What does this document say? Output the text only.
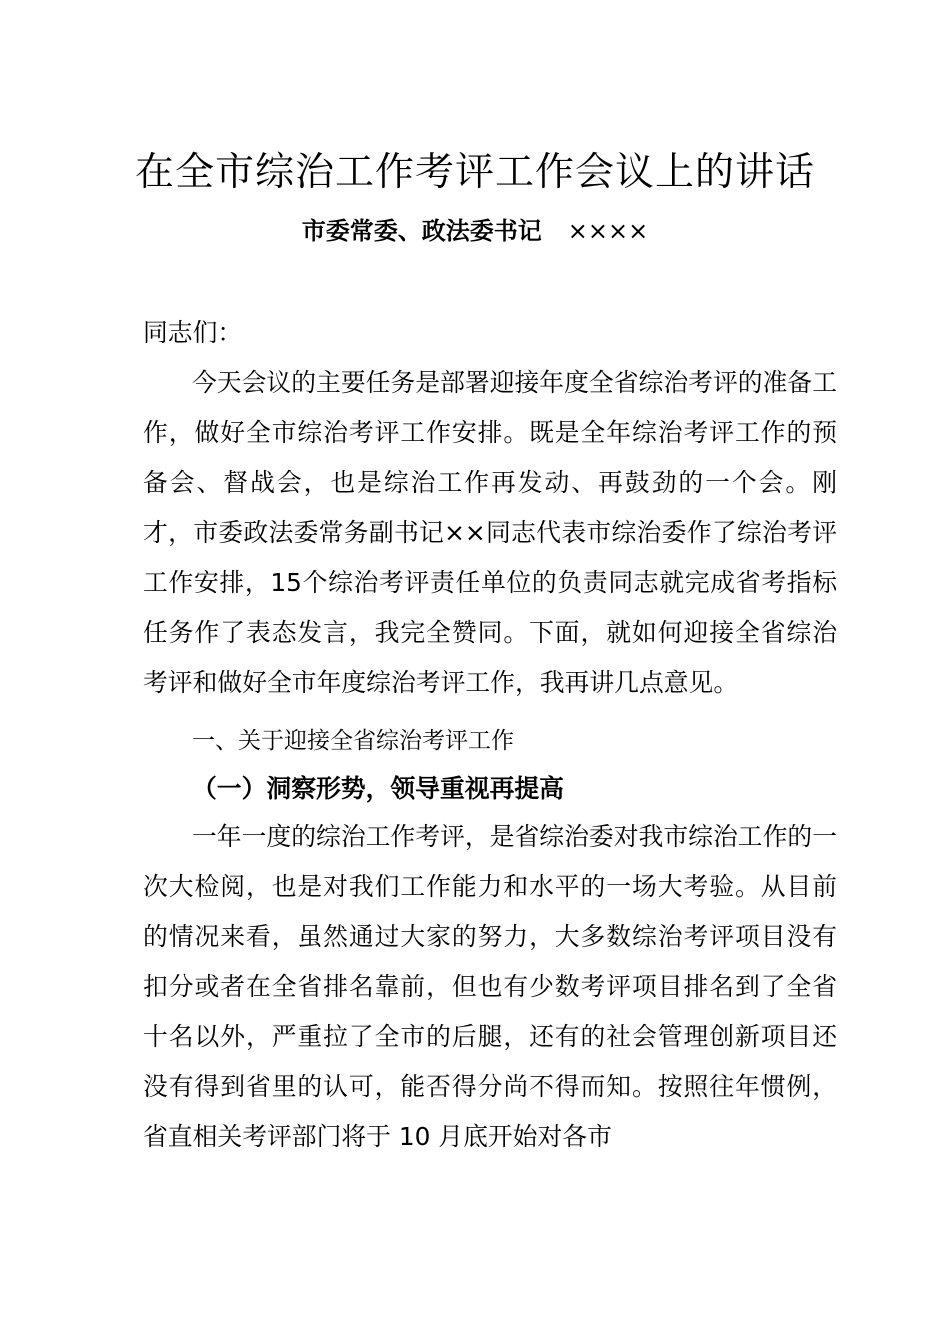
在全市综治工作考评工作会议上的讲话
市委常委、政法委书记 ××××

同志们：

今天会议的主要任务是部署迎接年度全省综治考评的准备工作，做好全市综治考评工作安排。既是全年综治考评工作的预备会、督战会，也是综治工作再发动、再鼓劲的一个会。刚才，市委政法委常务副书记××同志代表市综治委作了综治考评工作安排，15个综治考评责任单位的负责同志就完成省考指标任务作了表态发言，我完全赞同。下面，就如何迎接全省综治考评和做好全市年度综治考评工作，我再讲几点意见。

一、关于迎接全省综治考评工作

（一）洞察形势，领导重视再提高

一年一度的综治工作考评，是省综治委对我市综治工作的一次大检阅，也是对我们工作能力和水平的一场大考验。从目前的情况来看，虽然通过大家的努力，大多数综治考评项目没有扣分或者在全省排名靠前，但也有少数考评项目排名到了全省十名以外，严重拉了全市的后腿，还有的社会管理创新项目还没有得到省里的认可，能否得分尚不得而知。按照往年惯例，省直相关考评部门将于 10 月底开始对各市
